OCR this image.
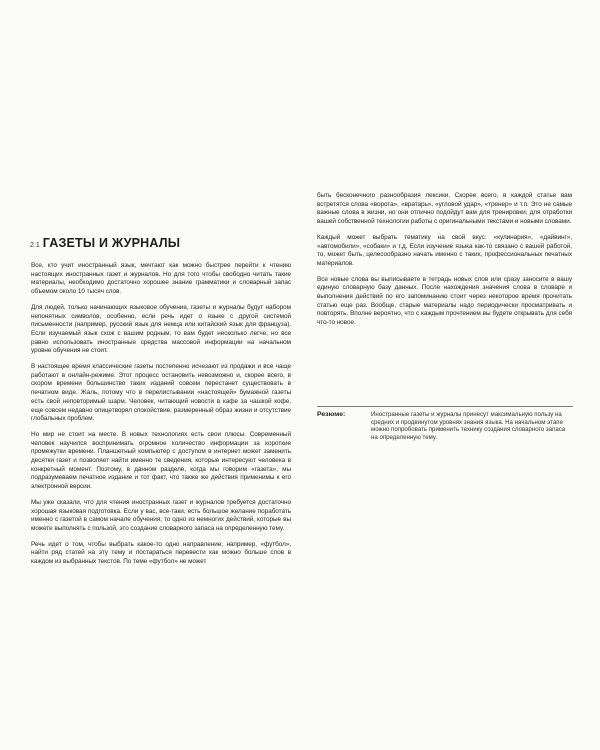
2.1 ГАЗЕТЫ И ЖУРНАЛЫ

Все, кто учит иностранный язык, мечтают как можно быстрее перейти к чтению настоящих иностранных газет и журналов. Но для того чтобы свободно читать такие материалы, необходимо достаточно хорошее знание грамматики и словарный запас объемом около 10 тысяч слов.

Для людей, только начинающих языковое обучение, газеты и журналы будут набором непонятных символов, особенно, если речь идет о языке с другой системой письменности (например, русский язык для немца или китайский язык для француза). Если изучаемый язык схож с вашим родным, то вам будет несколько легче, но все равно использовать иностранные средства массовой информации на начальном уровне обучения не стоит.

В настоящее время классические газеты постепенно исчезают из продажи и все чаще работают в онлайн-режиме. Этот процесс остановить невозможно и, скорее всего, в скором времени большинство таких изданий совсем перестанет существовать в печатном виде. Жаль, потому что в перелистывании «настоящей» бумажной газеты есть свой неповторимый шарм. Человек, читающий новости в кафе за чашкой кофе, еще совсем недавно олицетворял спокойствие, размеренный образ жизни и отсутствие глобальных проблем.

Но мир не стоит на месте. В новых технологиях есть свои плюсы. Современный человек научился воспринимать огромное количество информации за короткие промежутки времени. Планшетный компьютер с доступом в интернет может заменить десятки газет и позволяет найти именно те сведения, которые интересуют человека в конкретный момент. Поэтому, в данном разделе, когда мы говорим «газета», мы подразумеваем печатное издание и тот факт, что также же действия применимы к его электронной версии.

Мы уже сказали, что для чтения иностранных газет и журналов требуется достаточно хорошая языковая подготовка. Если у вас, все-таки, есть большое желание поработать именно с газетой в самом начале обучения, то одно из немногих действий, которые вы можете выполнять с пользой, это создание словарного запаса на определенную тему.

Речь идет о том, чтобы выбрать какое-то одно направление, например, «футбол», найти ряд статей на эту тему и постараться перевести как можно больше слов в каждом из выбранных текстов. По теме «футбол» не может

быть бесконечного разнообразия лексики. Скорее всего, в каждой статье вам встретятся слова «ворота», «вратарь», «угловой удар», «тренер» и т.п. Это не самые важные слова в жизни, но они отлично подойдут вам для тренировки, для отработки вашей собственной технологии работы с оригинальными текстами и новыми словами.

Каждый может выбрать тематику на свой вкус: «кулинария», «дайвинг», «автомобили», «собаки» и т.д. Если изучение языка как-то связано с вашей работой, то, может быть, целесообразно начать именно с таких, профессиональных печатных материалов.

Все новые слова вы выписываете в тетрадь новых слов или сразу заносите в вашу единую словарную базу данных. После нахождения значения слова в словаре и выполнения действий по его запоминанию стоит через некоторое время прочитать статью еще раз. Вообще, старые материалы надо периодически просматривать и повторять. Вполне вероятно, что с каждым прочтением вы будете открывать для себя что-то новое.

Резюме:	Иностранные газеты и журналы принесут максимальную пользу на средних и продвинутом уровнях знания языка. На начальном этапе можно попробовать применить технику создания словарного запаса на определенную тему.
